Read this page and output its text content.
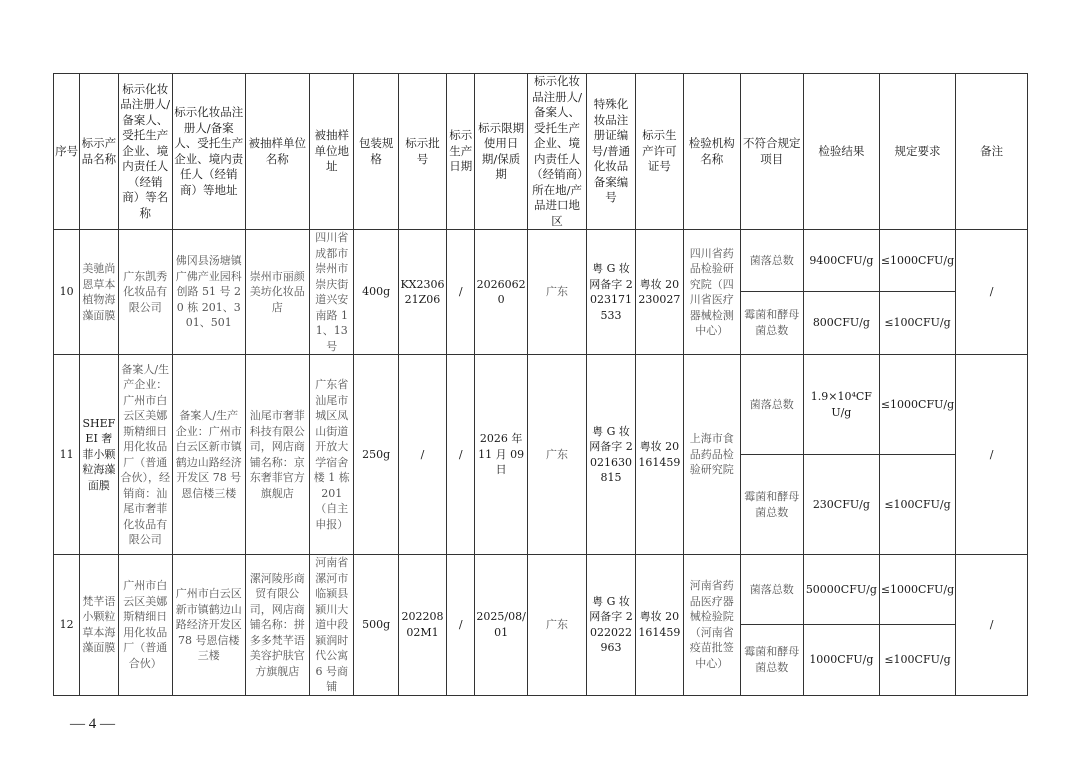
序号	标示产品名称	标示化妆品注册人/备案人、受托生产企业、境内责任人（经销商）等名称	标示化妆品注册人/备案人、受托生产企业、境内责任人（经销商）等地址	被抽样单位名称	被抽样单位地址	包装规格	标示批号	标示生产日期	标示限期使用日期/保质期	标示化妆品注册人/备案人、受托生产企业、境内责任人（经销商）所在地/产品进口地区	特殊化妆品注册证编号/普通化妆品备案编号	标示生产许可证号	检验机构名称	不符合规定项目	检验结果	规定要求	备注
10	美驰尚恩草本植物海藻面膜	广东凯秀化妆品有限公司	佛冈县汤塘镇广佛产业园科创路 51 号 20 栋 201、301、501	崇州市丽颜美坊化妆品店	四川省成都市崇州市崇庆街道兴安南路 11、13 号	400g	KX230621Z06	/	20260620	广东	粤 G 妆网备字 2023171533	粤妆 20230027	四川省药品检验研究院（四川省医疗器械检测中心）	菌落总数	9400CFU/g	≤1000CFU/g	/
														霉菌和酵母菌总数	800CFU/g	≤100CFU/g	
11	SHEFEI 奢菲小颗粒海藻面膜	备案人/生产企业：广州市白云区美娜斯精细日用化妆品厂（普通合伙），经销商：汕尾市奢菲化妆品有限公司	备案人/生产企业：广州市白云区新市镇鹤边山路经济开发区 78 号恩信楼三楼	汕尾市奢菲科技有限公司，网店商铺名称：京东奢菲官方旗舰店	广东省汕尾市城区凤山街道开放大学宿舍楼 1 栋 201（自主申报）	250g	/	/	2026 年 11 月 09 日	广东	粤 G 妆网备字 2021630815	粤妆 20161459	上海市食品药品检验研究院	菌落总数	1.9×10⁴CFU/g	≤1000CFU/g	/
														霉菌和酵母菌总数	230CFU/g	≤100CFU/g	
12	梵芊语小颗粒草本海藻面膜	广州市白云区美娜斯精细日用化妆品厂（普通合伙）	广州市白云区新市镇鹤边山路经济开发区 78 号恩信楼三楼	漯河陵彤商贸有限公司，网店商铺名称：拼多多梵芊语美容护肤官方旗舰店	河南省漯河市临颍县颍川大道中段颍润时代公寓 6 号商铺	500g	20220802M1	/	2025/08/01	广东	粤 G 妆网备字 2022022963	粤妆 20161459	河南省药品医疗器械检验院（河南省疫苗批签中心）	菌落总数	50000CFU/g	≤1000CFU/g	/
														霉菌和酵母菌总数	1000CFU/g	≤100CFU/g	
— 4 —
